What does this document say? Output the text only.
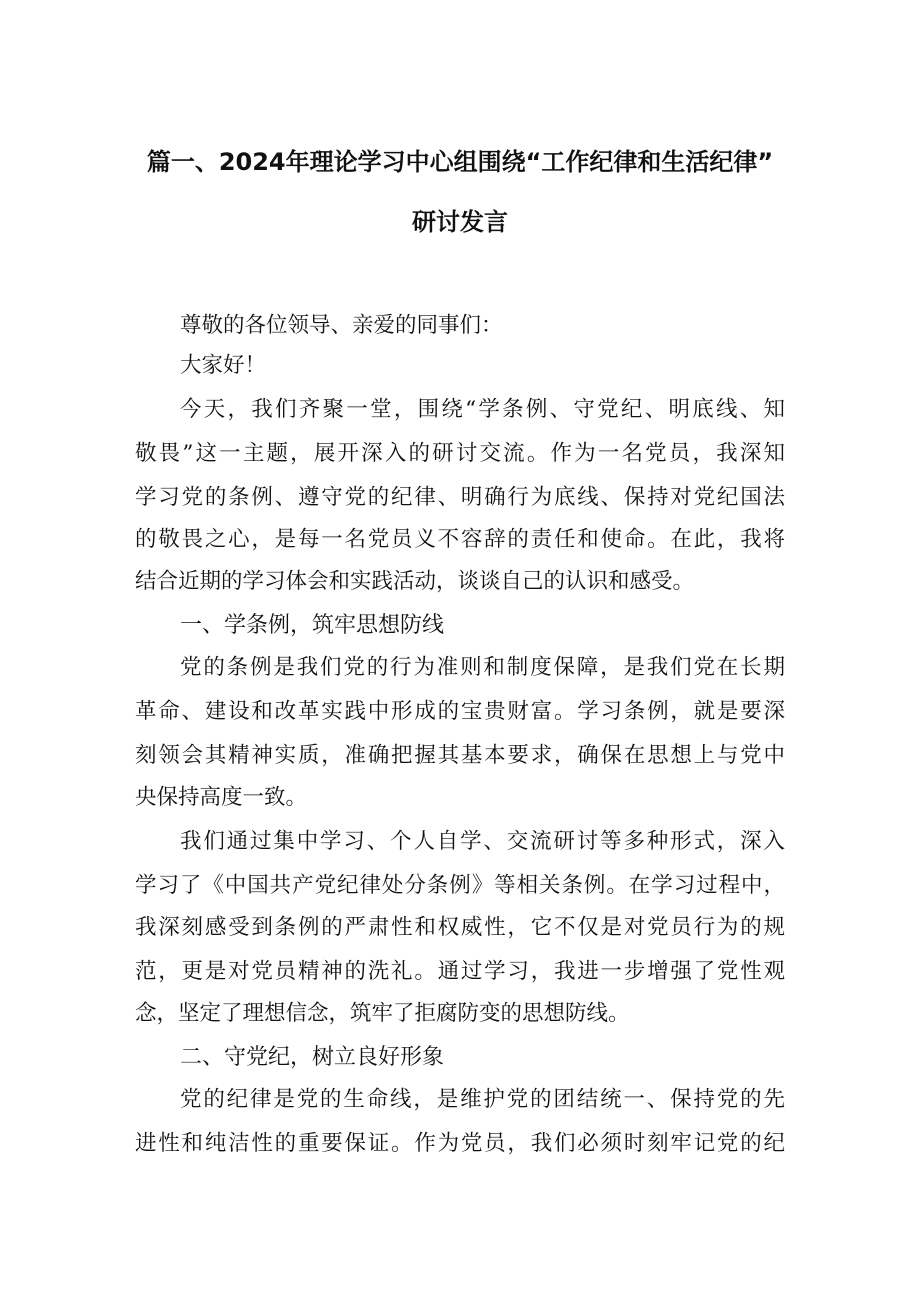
篇一、2024年理论学习中心组围绕“工作纪律和生活纪律”
研讨发言
尊敬的各位领导、亲爱的同事们：
大家好！
今天，我们齐聚一堂，围绕“学条例、守党纪、明底线、知
敬畏”这一主题，展开深入的研讨交流。作为一名党员，我深知
学习党的条例、遵守党的纪律、明确行为底线、保持对党纪国法
的敬畏之心，是每一名党员义不容辞的责任和使命。在此，我将
结合近期的学习体会和实践活动，谈谈自己的认识和感受。
一、学条例，筑牢思想防线
党的条例是我们党的行为准则和制度保障，是我们党在长期
革命、建设和改革实践中形成的宝贵财富。学习条例，就是要深
刻领会其精神实质，准确把握其基本要求，确保在思想上与党中
央保持高度一致。
我们通过集中学习、个人自学、交流研讨等多种形式，深入
学习了《中国共产党纪律处分条例》等相关条例。在学习过程中，
我深刻感受到条例的严肃性和权威性，它不仅是对党员行为的规
范，更是对党员精神的洗礼。通过学习，我进一步增强了党性观
念，坚定了理想信念，筑牢了拒腐防变的思想防线。
二、守党纪，树立良好形象
党的纪律是党的生命线，是维护党的团结统一、保持党的先
进性和纯洁性的重要保证。作为党员，我们必须时刻牢记党的纪
